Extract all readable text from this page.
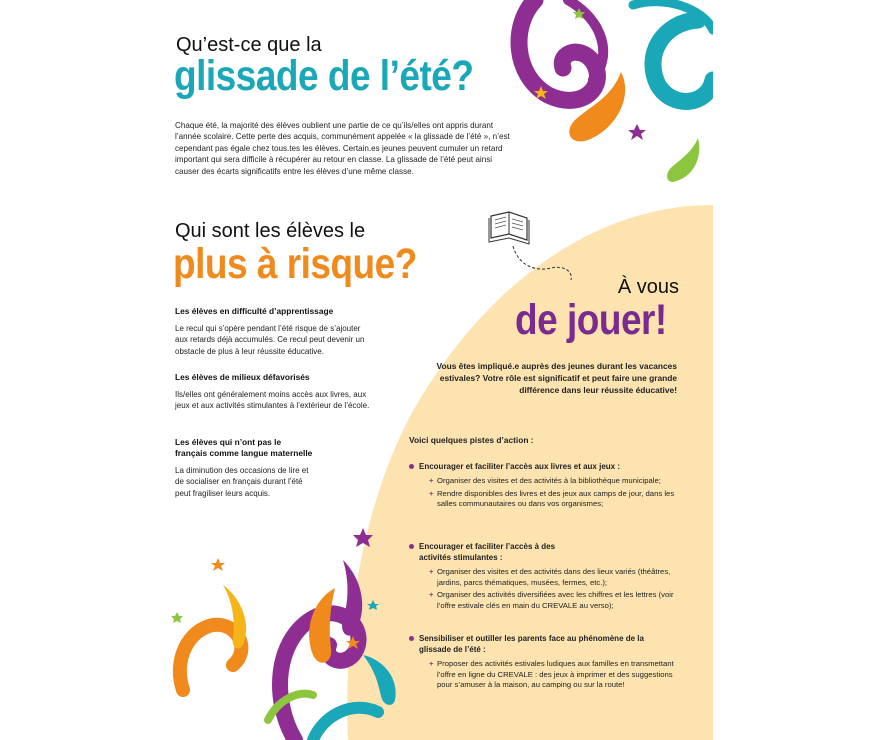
Qu’est-ce que la
glissade de l’été?
Chaque été, la majorité des élèves oublient une partie de ce qu’ils/elles ont appris durant l’année scolaire. Cette perte des acquis, communément appelée « la glissade de l’été », n’est cependant pas égale chez tous.tes les élèves. Certain.es jeunes peuvent cumuler un retard important qui sera difficile à récupérer au retour en classe. La glissade de l’été peut ainsi causer des écarts significatifs entre les élèves d’une même classe.
Qui sont les élèves le
plus à risque?
Les élèves en difficulté d’apprentissage

Le recul qui s’opère pendant l’été risque de s’ajouter aux retards déjà accumulés. Ce recul peut devenir un obstacle de plus à leur réussite éducative.

Les élèves de milieux défavorisés

Ils/elles ont généralement moins accès aux livres, aux jeux et aux activités stimulantes à l’extérieur de l’école.

Les élèves qui n’ont pas le français comme langue maternelle

La diminution des occasions de lire et de socialiser en français durant l’été peut fragiliser leurs acquis.

À vous
de jouer!
Vous êtes impliqué.e auprès des jeunes durant les vacances estivales? Votre rôle est significatif et peut faire une grande différence dans leur réussite éducative!
Voici quelques pistes d’action :
Encourager et faciliter l’accès aux livres et aux jeux :
+ Organiser des visites et des activités à la bibliothèque municipale;
+ Rendre disponibles des livres et des jeux aux camps de jour, dans les salles communautaires ou dans vos organismes;
Encourager et faciliter l’accès à des activités stimulantes :
+ Organiser des visites et des activités dans des lieux variés (théâtres, jardins, parcs thématiques, musées, fermes, etc.);
+ Organiser des activités diversifiées avec les chiffres et les lettres (voir l’offre estivale clés en main du CREVALE au verso);
Sensibiliser et outiller les parents face au phénomène de la glissade de l’été :
+ Proposer des activités estivales ludiques aux familles en transmettant l’offre en ligne du CREVALE : des jeux à imprimer et des suggestions pour s’amuser à la maison, au camping ou sur la route!
